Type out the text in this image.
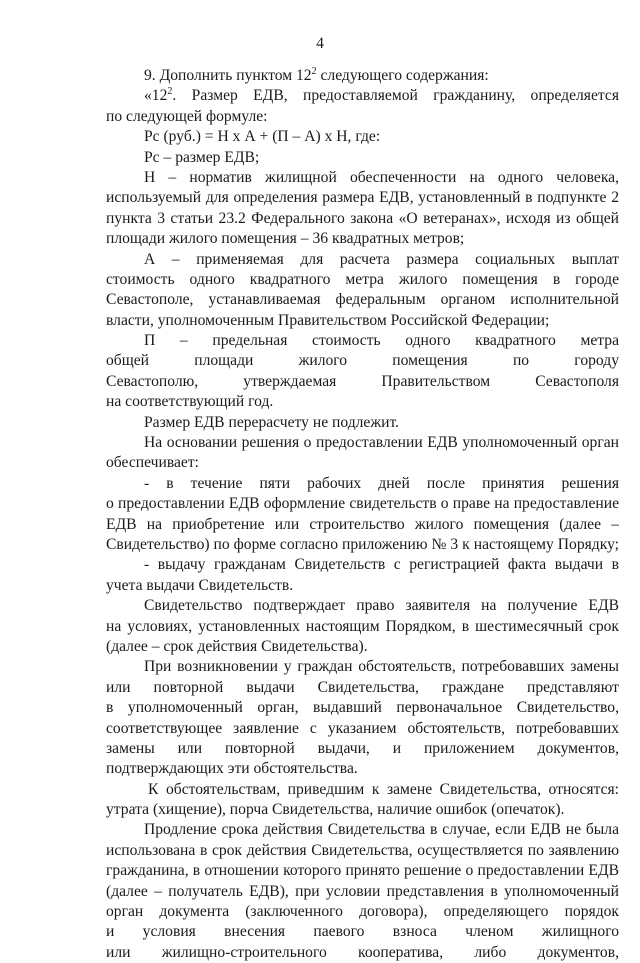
4
9. Дополнить пунктом $12^2$ следующего содержания:
«$12^2$. Размер ЕДВ, предоставляемой гражданину, определяется
по следующей формуле:
Рс (руб.) = Н х А + (П – А) х Н, где:
Рс – размер ЕДВ;
Н – норматив жилищной обеспеченности на одного человека,
используемый для определения размера ЕДВ, установленный в подпункте 2
пункта 3 статьи 23.2 Федерального закона «О ветеранах», исходя из общей
площади жилого помещения – 36 квадратных метров;
А – применяемая для расчета размера социальных выплат
стоимость одного квадратного метра жилого помещения в городе
Севастополе, устанавливаемая федеральным органом исполнительной
власти, уполномоченным Правительством Российской Федерации;
П – предельная стоимость одного квадратного метра
общей площади жилого помещения по городу
Севастополю, утверждаемая Правительством Севастополя
на соответствующий год.
Размер ЕДВ перерасчету не подлежит.
На основании решения о предоставлении ЕДВ уполномоченный орган
обеспечивает:
- в течение пяти рабочих дней после принятия решения
о предоставлении ЕДВ оформление свидетельств о праве на предоставление
ЕДВ на приобретение или строительство жилого помещения (далее –
Свидетельство) по форме согласно приложению № 3 к настоящему Порядку;
- выдачу гражданам Свидетельств с регистрацией факта выдачи в
учета выдачи Свидетельств.
Свидетельство подтверждает право заявителя на получение ЕДВ
на условиях, установленных настоящим Порядком, в шестимесячный срок
(далее – срок действия Свидетельства).
При возникновении у граждан обстоятельств, потребовавших замены
или повторной выдачи Свидетельства, граждане представляют
в уполномоченный орган, выдавший первоначальное Свидетельство,
соответствующее заявление с указанием обстоятельств, потребовавших
замены или повторной выдачи, и приложением документов,
подтверждающих эти обстоятельства.
К обстоятельствам, приведшим к замене Свидетельства, относятся:
утрата (хищение), порча Свидетельства, наличие ошибок (опечаток).
Продление срока действия Свидетельства в случае, если ЕДВ не была
использована в срок действия Свидетельства, осуществляется по заявлению
гражданина, в отношении которого принято решение о предоставлении ЕДВ
(далее – получатель ЕДВ), при условии представления в уполномоченный
орган документа (заключенного договора), определяющего порядок
и условия внесения паевого взноса членом жилищного
или жилищно-строительного кооператива, либо документов,
